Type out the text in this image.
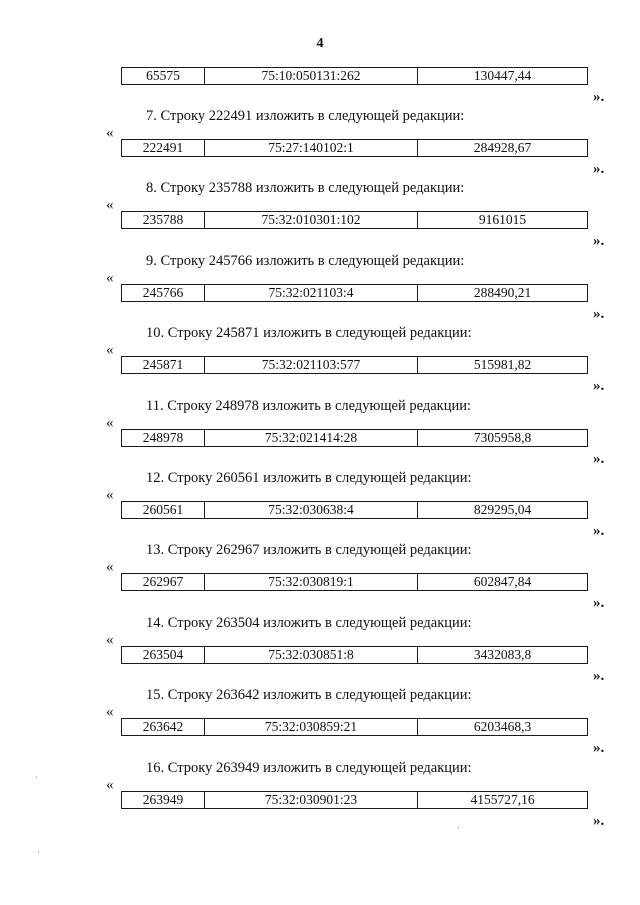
4
65575	75:10:050131:262	130447,44
».
7. Строку 222491 изложить в следующей редакции:
«
222491	75:27:140102:1	284928,67
».
8. Строку 235788 изложить в следующей редакции:
«
235788	75:32:010301:102	9161015
».
9. Строку 245766 изложить в следующей редакции:
«
245766	75:32:021103:4	288490,21
».
10. Строку 245871 изложить в следующей редакции:
«
245871	75:32:021103:577	515981,82
».
11. Строку 248978 изложить в следующей редакции:
«
248978	75:32:021414:28	7305958,8
».
12. Строку 260561 изложить в следующей редакции:
«
260561	75:32:030638:4	829295,04
».
13. Строку 262967 изложить в следующей редакции:
«
262967	75:32:030819:1	602847,84
».
14. Строку 263504 изложить в следующей редакции:
«
263504	75:32:030851:8	3432083,8
».
15. Строку 263642 изложить в следующей редакции:
«
263642	75:32:030859:21	6203468,3
».
16. Строку 263949 изложить в следующей редакции:
«
263949	75:32:030901:23	4155727,16
».
